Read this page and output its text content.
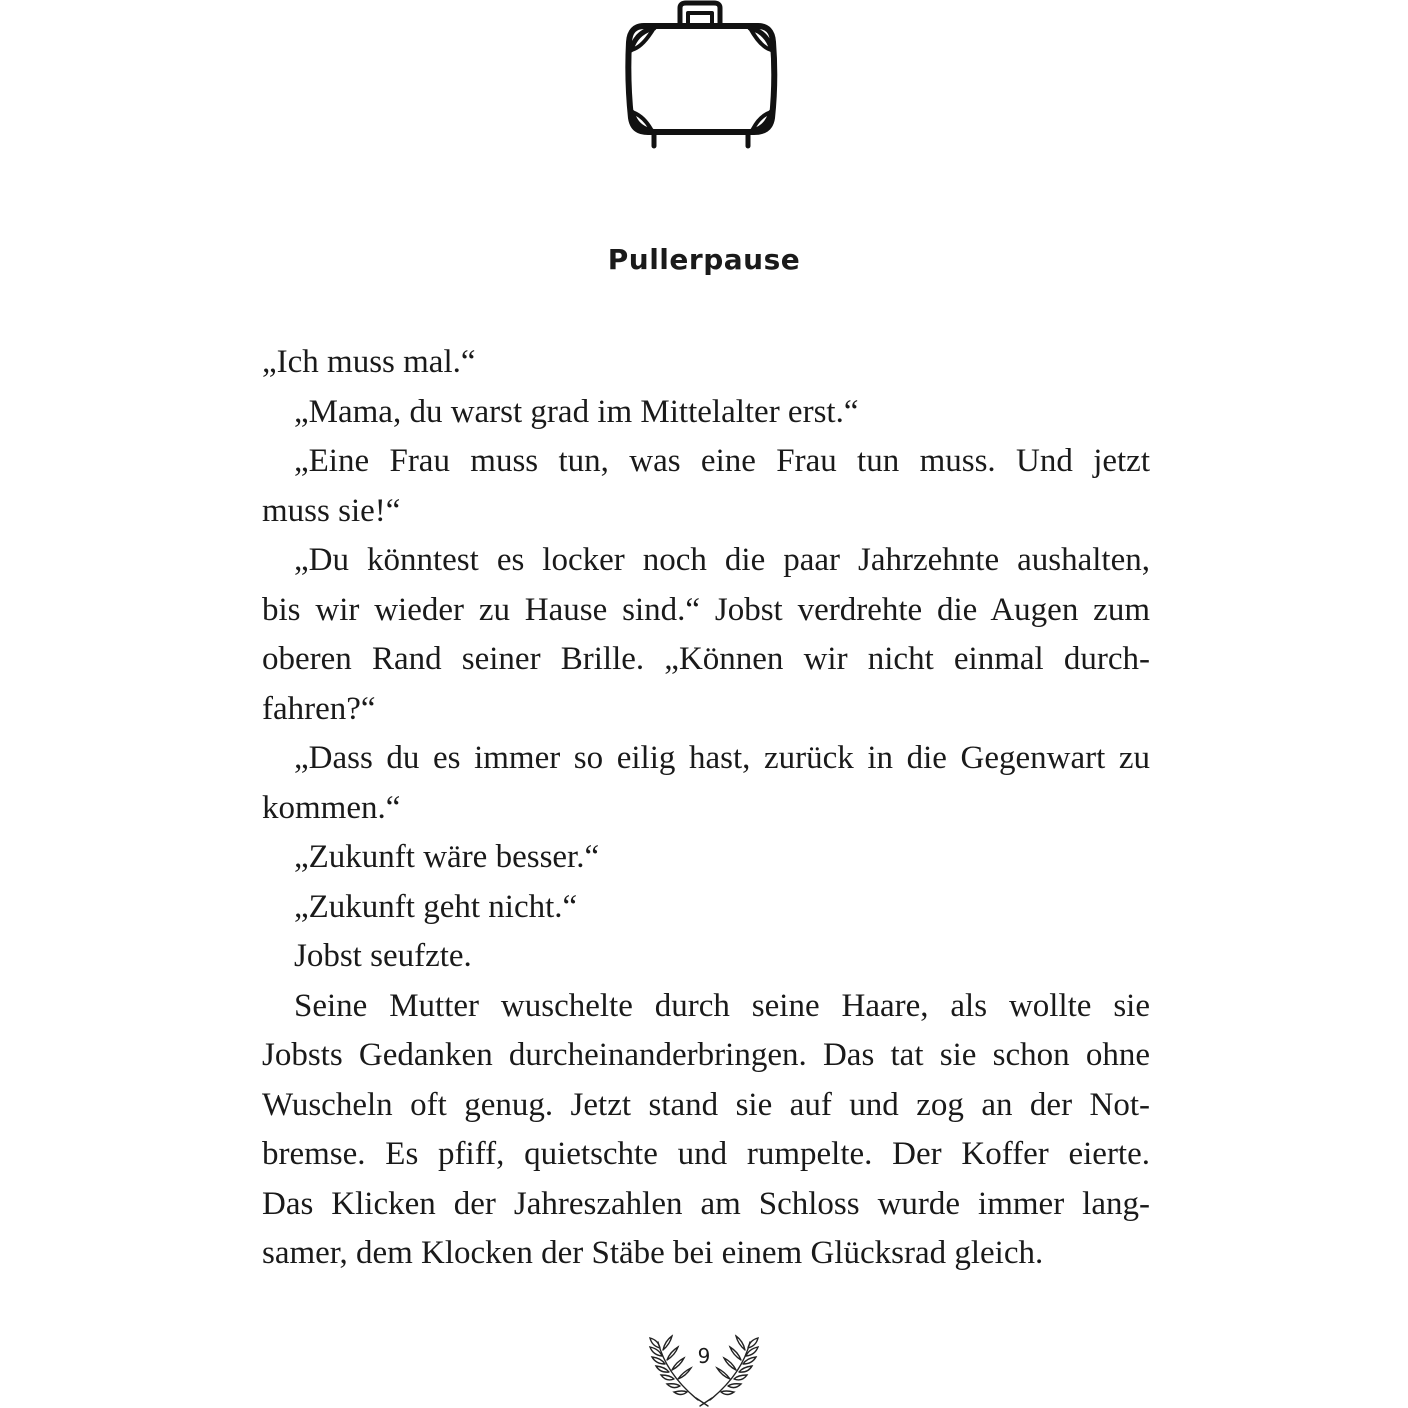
Pullerpause

„Ich muss mal.“

„Mama, du warst grad im Mittelalter erst.“

„Eine Frau muss tun, was eine Frau tun muss. Und jetzt
muss sie!“

„Du könntest es locker noch die paar Jahrzehnte aushalten,
bis wir wieder zu Hause sind.“ Jobst verdrehte die Augen zum
oberen Rand seiner Brille. „Können wir nicht einmal durch-
fahren?“

„Dass du es immer so eilig hast, zurück in die Gegenwart zu
kommen.“

„Zukunft wäre besser.“

„Zukunft geht nicht.“

Jobst seufzte.

Seine Mutter wuschelte durch seine Haare, als wollte sie
Jobsts Gedanken durcheinanderbringen. Das tat sie schon ohne
Wuscheln oft genug. Jetzt stand sie auf und zog an der Not-
bremse. Es pfiff, quietschte und rumpelte. Der Koffer eierte.
Das Klicken der Jahreszahlen am Schloss wurde immer lang-
samer, dem Klocken der Stäbe bei einem Glücksrad gleich.

9
